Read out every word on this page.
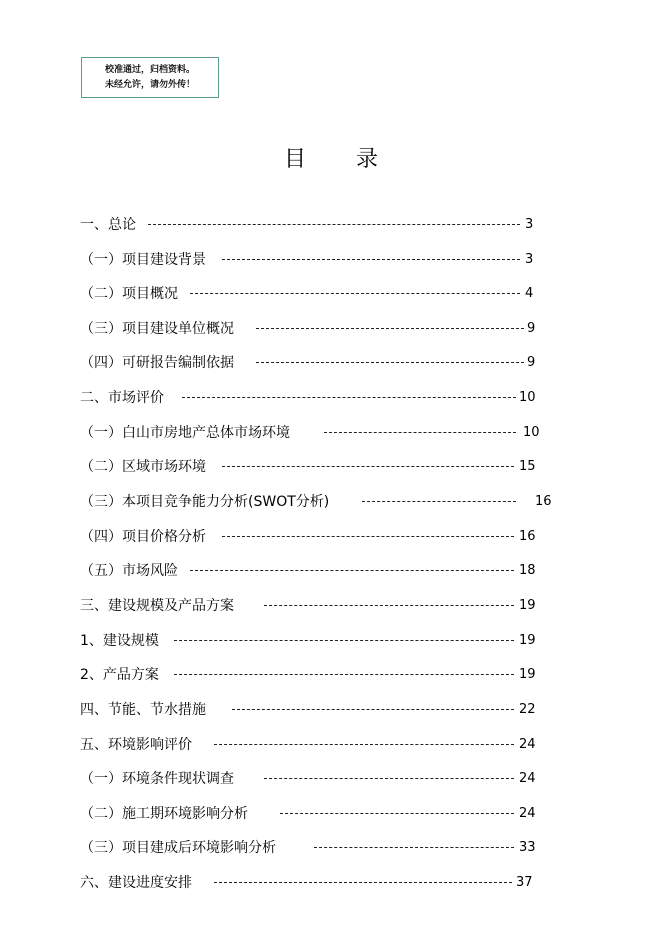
校准通过，归档资料。
未经允许，请勿外传！
目 录
一、总论	3
（一）项目建设背景	3
（二）项目概况	4
（三）项目建设单位概况	9
（四）可研报告编制依据	9
二、市场评价	10
（一）白山市房地产总体市场环境	10
（二）区域市场环境	15
（三）本项目竞争能力分析(SWOT分析)	16
（四）项目价格分析	16
（五）市场风险	18
三、建设规模及产品方案	19
1、建设规模	19
2、产品方案	19
四、节能、节水措施	22
五、环境影响评价	24
（一）环境条件现状调查	24
（二）施工期环境影响分析	24
（三）项目建成后环境影响分析	33
六、建设进度安排	37
